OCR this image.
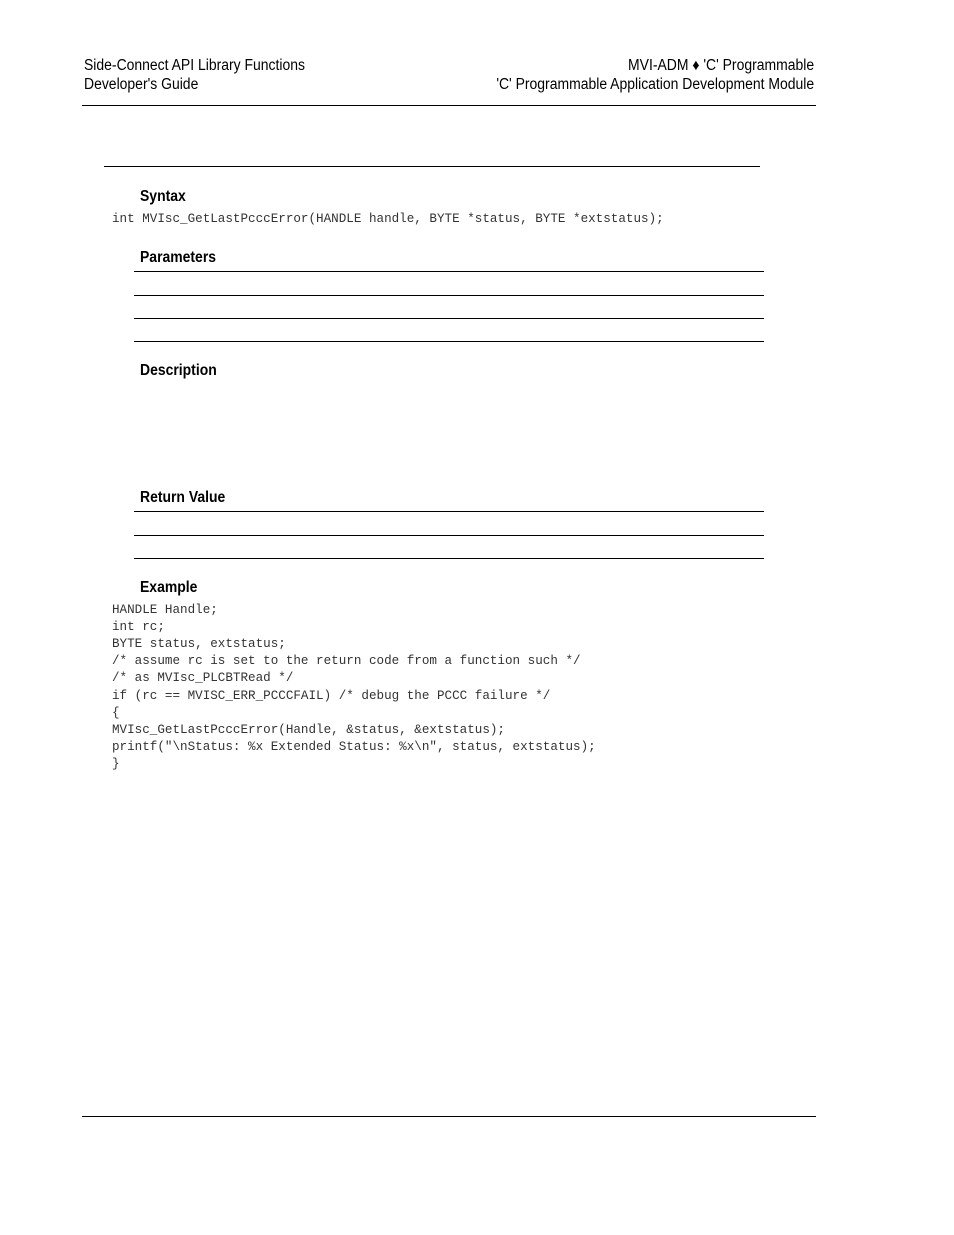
Side-Connect API Library Functions
Developer's Guide
MVI-ADM ♦ 'C' Programmable
'C' Programmable Application Development Module
Syntax
int MVIsc_GetLastPcccError(HANDLE handle, BYTE *status, BYTE *extstatus);
Parameters
Description
Return Value
Example
HANDLE Handle;
int rc;
BYTE status, extstatus;
/* assume rc is set to the return code from a function such */
/* as MVIsc_PLCBTRead */
if (rc == MVISC_ERR_PCCCFAIL) /* debug the PCCC failure */
{
MVIsc_GetLastPcccError(Handle, &status, &extstatus);
printf("\nStatus: %x Extended Status: %x\n", status, extstatus);
}
